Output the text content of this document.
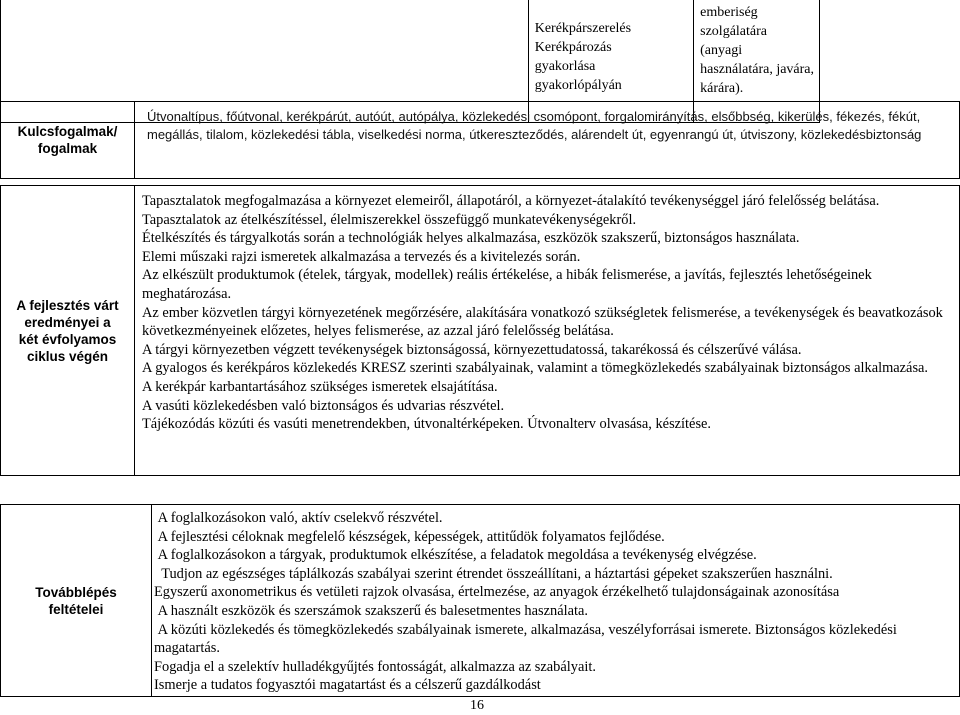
Kerékpárszerelés
Kerékpározás
gyakorlása
gyakorlópályán

emberiség
szolgálatára
(anyagi
használatára, javára,
kárára).
Kulcsfogalmak/
fogalmak
	Útvonaltípus, főútvonal, kerékpárút, autóút, autópálya, közlekedési csomópont, forgalomirányítás, elsőbbség, kikerülés, fékezés, fékút, megállás, tilalom, közlekedési tábla, viselkedési norma, útkereszteződés, alárendelt út, egyenrangú út, útviszony, közlekedésbiztonság
A fejlesztés várt
eredményei a
két évfolyamos
ciklus végén

Tapasztalatok megfogalmazása a környezet elemeiről, állapotáról, a környezet-átalakító tevékenységgel járó felelősség belátása.
Tapasztalatok az ételkészítéssel, élelmiszerekkel összefüggő munkatevékenységekről.
Ételkészítés és tárgyalkotás során a technológiák helyes alkalmazása, eszközök szakszerű, biztonságos használata.
Elemi műszaki rajzi ismeretek alkalmazása a tervezés és a kivitelezés során.
Az elkészült produktumok (ételek, tárgyak, modellek) reális értékelése, a hibák felismerése, a javítás, fejlesztés lehetőségeinek meghatározása.
Az ember közvetlen tárgyi környezetének megőrzésére, alakítására vonatkozó szükségletek felismerése, a tevékenységek és beavatkozások következményeinek előzetes, helyes felismerése, az azzal járó felelősség belátása.
A tárgyi környezetben végzett tevékenységek biztonságossá, környezettudatossá, takarékossá és célszerűvé válása.
A gyalogos és kerékpáros közlekedés KRESZ szerinti szabályainak, valamint a tömegközlekedés szabályainak biztonságos alkalmazása.
A kerékpár karbantartásához szükséges ismeretek elsajátítása.
A vasúti közlekedésben való biztonságos és udvarias részvétel.
Tájékozódás közúti és vasúti menetrendekben, útvonaltérképeken. Útvonalterv olvasása, készítése.
Továbblépés
feltételei

A foglalkozásokon való, aktív cselekvő részvétel.
A fejlesztési céloknak megfelelő készségek, képességek, attitűdök folyamatos fejlődése.
A foglalkozásokon a tárgyak, produktumok elkészítése, a feladatok megoldása a tevékenység elvégzése.
Tudjon az egészséges táplálkozás szabályai szerint étrendet összeállítani, a háztartási gépeket szakszerűen használni.
Egyszerű axonometrikus és vetületi rajzok olvasása, értelmezése, az anyagok érzékelhető tulajdonságainak azonosítása
A használt eszközök és szerszámok szakszerű és balesetmentes használata.
A közúti közlekedés és tömegközlekedés szabályainak ismerete, alkalmazása, veszélyforrásai ismerete. Biztonságos közlekedési magatartás.
Fogadja el a szelektív hulladékgyűjtés fontosságát, alkalmazza az szabályait.
Ismerje a tudatos fogyasztói magatartást és a célszerű gazdálkodást
16
